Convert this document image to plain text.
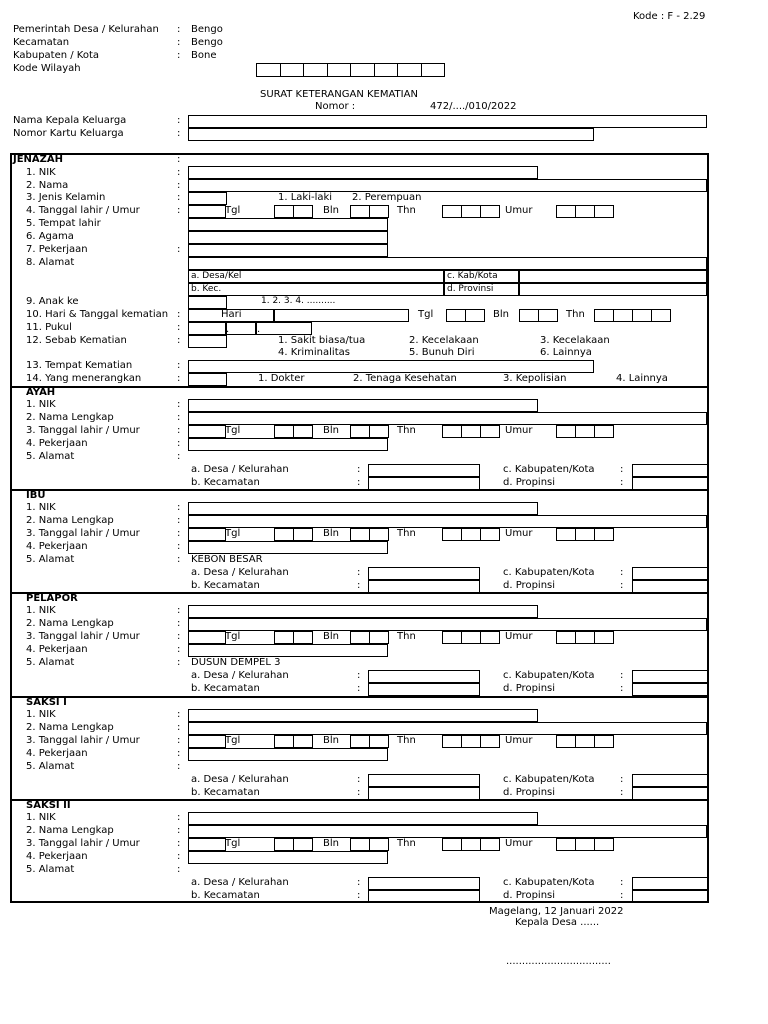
Kode : F - 2.29
Pemerintah Desa / Kelurahan : Bengo
Kecamatan	: Bengo
Kabupaten / Kota	: Bone
Kode Wilayah
SURAT KETERANGAN KEMATIAN
Nomor :	472/..../010/2022
Nama Kepala Keluarga	:
Nomor Kartu Keluarga	:
JENAZAH	:
1. NIK	:
2. Nama	:
3. Jenis Kelamin	:	1. Laki-laki 2. Perempuan
4. Tanggal lahir / Umur	:	Tgl	Bln	Thn	Umur
5. Tempat lahir
6. Agama
7. Pekerjaan	:
8. Alamat
a. Desa/Kel	c. Kab/Kota
b. Kec.	d. Provinsi
9. Anak ke	1. 2. 3. 4. ..........
10. Hari & Tanggal kematian :	Hari	Tgl	Bln	Thn
11. Pukul	:	.	.
12. Sebab Kematian	:	1. Sakit biasa/tua	2. Kecelakaan	3. Kecelakaan
4. Kriminalitas	5. Bunuh Diri	6. Lainnya
13. Tempat Kematian	:
14. Yang menerangkan	:	1. Dokter	2. Tenaga Kesehatan	3. Kepolisian	4. Lainnya
AYAH
1. NIK	:
2. Nama Lengkap	:
3. Tanggal lahir / Umur	:	Tgl	Bln	Thn	Umur
4. Pekerjaan	:
5. Alamat	:
a. Desa / Kelurahan	:	c. Kabupaten/Kota	:
b. Kecamatan	:	d. Propinsi	:
IBU
1. NIK	:
2. Nama Lengkap	:
3. Tanggal lahir / Umur	:	Tgl	Bln	Thn	Umur
4. Pekerjaan	:
5. Alamat	: KEBON BESAR
a. Desa / Kelurahan	:	c. Kabupaten/Kota	:
b. Kecamatan	:	d. Propinsi	:
PELAPOR
1. NIK	:
2. Nama Lengkap	:
3. Tanggal lahir / Umur	:	Tgl	Bln	Thn	Umur
4. Pekerjaan	:
5. Alamat	: DUSUN DEMPEL 3
a. Desa / Kelurahan	:	c. Kabupaten/Kota	:
b. Kecamatan	:	d. Propinsi	:
SAKSI I
1. NIK	:
2. Nama Lengkap	:
3. Tanggal lahir / Umur	:	Tgl	Bln	Thn	Umur
4. Pekerjaan	:
5. Alamat	:
a. Desa / Kelurahan	:	c. Kabupaten/Kota	:
b. Kecamatan	:	d. Propinsi	:
SAKSI II
1. NIK	:
2. Nama Lengkap	:
3. Tanggal lahir / Umur	:	Tgl	Bln	Thn	Umur
4. Pekerjaan	:
5. Alamat	:
a. Desa / Kelurahan	:	c. Kabupaten/Kota	:
b. Kecamatan	:	d. Propinsi	:
Magelang, 12 Januari 2022
Kepala Desa ......
.................................
